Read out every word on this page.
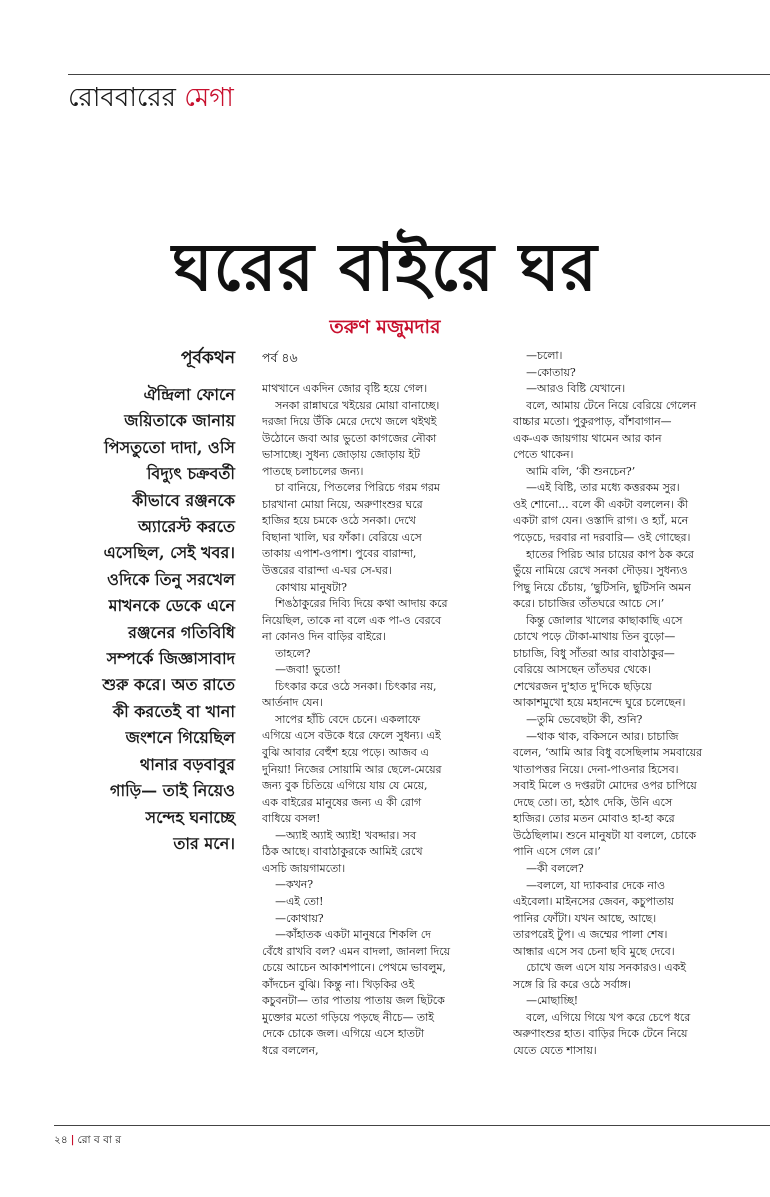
রোববারের মেগা
ঘরের বাইরে ঘর
তরুণ মজুমদার
পূর্বকথন
ঐন্দ্রিলা ফোনে
জয়িতাকে জানায়
পিসতুতো দাদা, ওসি
বিদ্যুৎ চক্রবর্তী
কীভাবে রঞ্জনকে
অ্যারেস্ট করতে
এসেছিল, সেই খবর।
ওদিকে তিনু সরখেল
মাখনকে ডেকে এনে
রঞ্জনের গতিবিধি
সম্পর্কে জিজ্ঞাসাবাদ
শুরু করে। অত রাতে
কী করতেই বা খানা
জংশনে গিয়েছিল
থানার বড়বাবুর
গাড়ি— তাই নিয়েও
সন্দেহ ঘনাচ্ছে
তার মনে।
পর্ব ৪৬
মাথখানে একদিন জোর বৃষ্টি হয়ে গেল।
সনকা রান্নাঘরে খইয়ের মোয়া বানাচ্ছে।
দরজা দিয়ে উঁকি মেরে দেখে জলে থইথই
উঠোনে জবা আর ভুতো কাগজের নৌকা
ভাসাচ্ছে। সুধন্য জোড়ায় জোড়ায় ইট
পাতছে চলাচলের জন্য।
চা বানিয়ে, পিতলের পিরিচে গরম গরম
চারখানা মোয়া নিয়ে, অরুণাংশুর ঘরে
হাজির হয়ে চমকে ওঠে সনকা। দেখে
বিছানা খালি, ঘর ফাঁকা। বেরিয়ে এসে
তাকায় এপাশ-ওপাশ। পুবের বারান্দা,
উত্তরের বারান্দা এ-ঘর সে-ঘর।
কোথায় মানুষটা?
শিঙঠাকুরের দিব্যি দিয়ে কথা আদায় করে
নিয়েছিল, তাকে না বলে এক পা-ও বেরবে
না কোনও দিন বাড়ির বাইরে।
তাহলে?
—জবা! ভুতো!
চিৎকার করে ওঠে সনকা। চিৎকার নয়,
আর্তনাদ যেন।
সাপের হাঁচি বেদে চেনে। একলাফে
এগিয়ে এসে বউকে ধরে ফেলে সুধন্য। এই
বুঝি আবার বেহুঁশ হয়ে পড়ে। আজব এ
দুনিয়া! নিজের সোয়ামি আর ছেলে-মেয়ের
জন্য বুক চিতিয়ে এগিয়ে যায় যে মেয়ে,
এক বাইরের মানুষের জন্য এ কী রোগ
বাধিয়ে বসল!
—অ্যাই অ্যাই অ্যাই! খবদ্দার। সব
ঠিক আছে। বাবাঠাকুরকে আমিই রেখে
এসচি জায়গামতো।
—কখন?
—এই তো!
—কোথায়?
—কাঁহাতক একটা মানুষরে শিকলি দে
বেঁধে রাখবি বল? এমন বাদলা, জানলা দিয়ে
চেয়ে আচেন আকাশপানে। পেথমে ভাবলুম,
কাঁদচেন বুঝি। কিন্তু না। খিড়কির ওই
কচুবনটা— তার পাতায় পাতায় জল ছিটকে
মুক্তোর মতো গড়িয়ে পড়ছে নীচে— তাই
দেকে চোকে জল। এগিয়ে এসে হাতটা
ধরে বললেন,
—চলো।
—কোতায়?
—আরও বিষ্টি যেখানে।
বলে, আমায় টেনে নিয়ে বেরিয়ে গেলেন
বাচ্চার মতো। পুকুরপাড়, বাঁশবাগান—
এক-এক জায়গায় থামেন আর কান
পেতে থাকেন।
আমি বলি, ‘কী শুনচেন?’
—এই বিষ্টি, তার মধ্যে কত্তরকম সুর।
ওই শোনো... বলে কী একটা বললেন। কী
একটা রাগ যেন। ওস্তাদি রাগ। ও হ্যাঁ, মনে
পড়েচে, দরবার না দরবারি— ওই গোছের।
হাতের পিরিচ আর চায়ের কাপ ঠক করে
ভুঁয়ে নামিয়ে রেখে সনকা দৌড়য়। সুধন্যও
পিছু নিয়ে চেঁচায়, ‘ছুটিসনি, ছুটিসনি অমন
করে। চাচাজির তাঁতঘরে আচে সে।’
কিন্তু জোলার খালের কাছাকাছি এসে
চোখে পড়ে টোকা-মাথায় তিন বুড়ো—
চাচাজি, বিধু সাঁতরা আর বাবাঠাকুর—
বেরিয়ে আসছেন তাঁতঘর থেকে।
শেখেরজন দু'হাত দু'দিকে ছড়িয়ে
আকাশমুখো হয়ে মহানন্দে ঘুরে চলেছেন।
—তুমি ভেবেছটা কী, শুনি?
—থাক থাক, বকিসনে আর। চাচাজি
বলেন, ‘আমি আর বিধু বসেছিলাম সমবায়ের
খাতাপত্তর নিয়ে। দেনা-পাওনার হিসেব।
সবাই মিলে ও দপ্তরটা মোদের ওপর চাপিয়ে
দেছে তো। তা, হঠাৎ দেকি, উনি এসে
হাজির। তোর মতন মোবাও হা-হা করে
উঠেছিলাম। শুনে মানুষটা যা বললে, চোকে
পানি এসে গেল রে।’
—কী বললে?
—বললে, যা দ্যাকবার দেকে নাও
এইবেলা। মাইনসের জেবন, কচুপাতায়
পানির ফোঁটা। যখন আছে, আছে।
তারপরেই টুপ। এ জম্মের পালা শেষ।
আন্ধার এসে সব চেনা ছবি মুছে দেবে।
চোখে জল এসে যায় সনকারও। একই
সঙ্গে রি রি করে ওঠে সর্বাঙ্গ।
—মোছাচ্ছি!
বলে, এগিয়ে গিয়ে খপ করে চেপে ধরে
অরুণাংশুর হাত। বাড়ির দিকে টেনে নিয়ে
যেতে যেতে শাসায়।
২৪ | রো ব বা র
